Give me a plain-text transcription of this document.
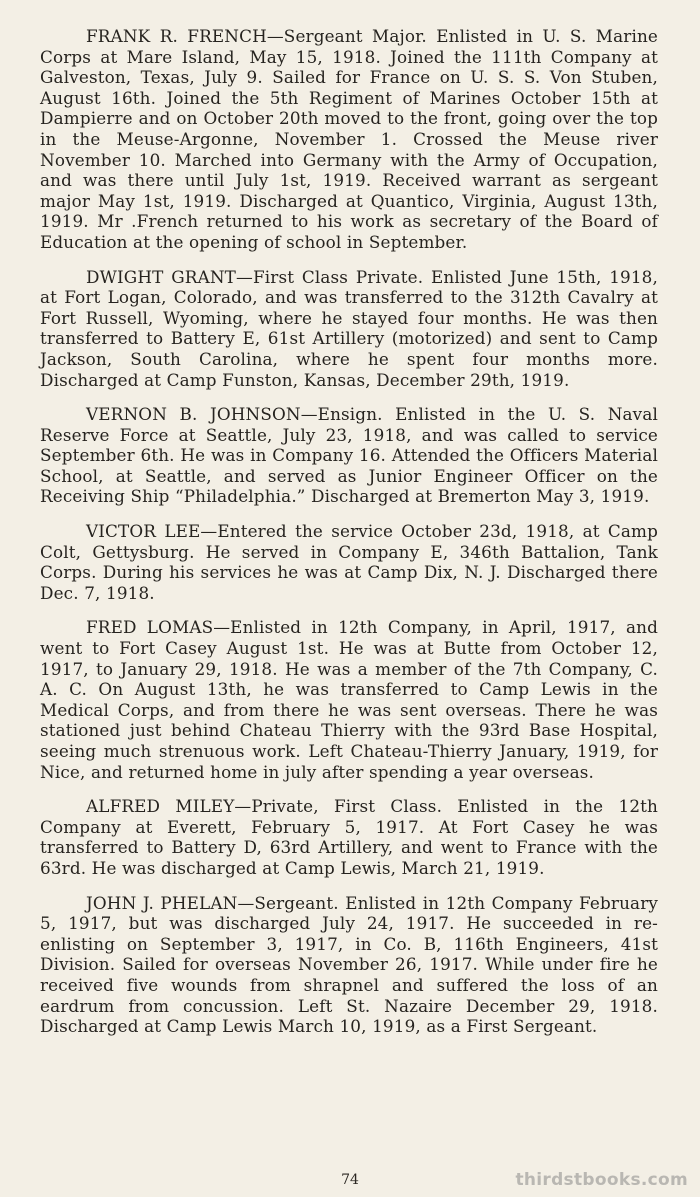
FRANK R. FRENCH—Sergeant Major. Enlisted in U. S. Marine Corps at Mare Island, May 15, 1918. Joined the 111th Company at Galveston, Texas, July 9. Sailed for France on U. S. S. Von Stuben, August 16th. Joined the 5th Regiment of Marines October 15th at Dampierre and on October 20th moved to the front, going over the top in the Meuse-Argonne, November 1. Crossed the Meuse river November 10. Marched into Germany with the Army of Occupation, and was there until July 1st, 1919. Received warrant as sergeant major May 1st, 1919. Discharged at Quantico, Virginia, August 13th, 1919. Mr .French returned to his work as secretary of the Board of Education at the opening of school in September.

DWIGHT GRANT—First Class Private. Enlisted June 15th, 1918, at Fort Logan, Colorado, and was transferred to the 312th Cavalry at Fort Russell, Wyoming, where he stayed four months. He was then transferred to Battery E, 61st Artillery (motorized) and sent to Camp Jackson, South Carolina, where he spent four months more. Discharged at Camp Funston, Kansas, December 29th, 1919.

VERNON B. JOHNSON—Ensign. Enlisted in the U. S. Naval Reserve Force at Seattle, July 23, 1918, and was called to service September 6th. He was in Company 16. Attended the Officers Material School, at Seattle, and served as Junior Engineer Officer on the Receiving Ship “Philadelphia.” Discharged at Bremerton May 3, 1919.

VICTOR LEE—Entered the service October 23d, 1918, at Camp Colt, Gettysburg. He served in Company E, 346th Battalion, Tank Corps. During his services he was at Camp Dix, N. J. Discharged there Dec. 7, 1918.

FRED LOMAS—Enlisted in 12th Company, in April, 1917, and went to Fort Casey August 1st. He was at Butte from October 12, 1917, to January 29, 1918. He was a member of the 7th Company, C. A. C. On August 13th, he was transferred to Camp Lewis in the Medical Corps, and from there he was sent overseas. There he was stationed just behind Chateau Thierry with the 93rd Base Hospital, seeing much strenuous work. Left Chateau-Thierry January, 1919, for Nice, and returned home in july after spending a year overseas.

ALFRED MILEY—Private, First Class. Enlisted in the 12th Company at Everett, February 5, 1917. At Fort Casey he was transferred to Battery D, 63rd Artillery, and went to France with the 63rd. He was discharged at Camp Lewis, March 21, 1919.

JOHN J. PHELAN—Sergeant. Enlisted in 12th Company February 5, 1917, but was discharged July 24, 1917. He succeeded in re-enlisting on September 3, 1917, in Co. B, 116th Engineers, 41st Division. Sailed for overseas November 26, 1917. While under fire he received five wounds from shrapnel and suffered the loss of an eardrum from concussion. Left St. Nazaire December 29, 1918. Discharged at Camp Lewis March 10, 1919, as a First Sergeant.

74	thirdstbooks.com
